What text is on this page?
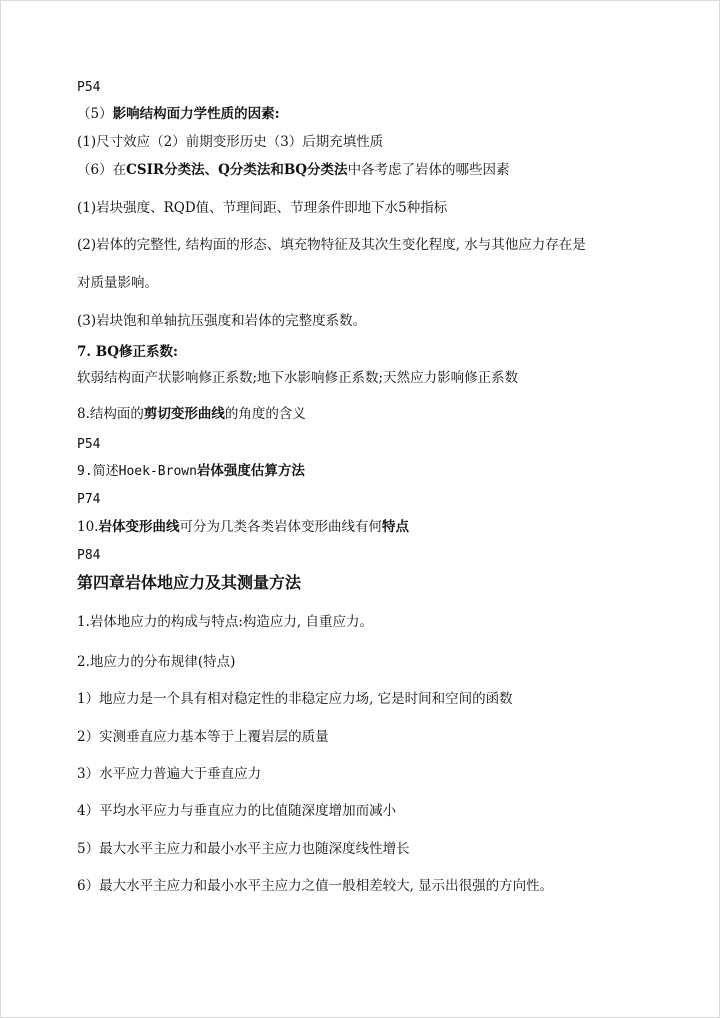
P54
（5）影响结构面力学性质的因素:
(1)尺寸效应（2）前期变形历史（3）后期充填性质
（6）在CSIR分类法、Q分类法和BQ分类法中各考虑了岩体的哪些因素
(1)岩块强度、RQD值、节理间距、节理条件即地下水5种指标
(2)岩体的完整性, 结构面的形态、填充物特征及其次生变化程度, 水与其他应力存在是
对质量影响。
(3)岩块饱和单轴抗压强度和岩体的完整度系数。
7. BQ修正系数:
软弱结构面产状影响修正系数;地下水影响修正系数;天然应力影响修正系数
8.结构面的剪切变形曲线的角度的含义
P54
9.简述Hoek-Brown岩体强度估算方法
P74
10.岩体变形曲线可分为几类各类岩体变形曲线有何特点
P84
第四章岩体地应力及其测量方法
1.岩体地应力的构成与特点:构造应力, 自重应力。
2.地应力的分布规律(特点)
1）地应力是一个具有相对稳定性的非稳定应力场, 它是时间和空间的函数
2）实测垂直应力基本等于上覆岩层的质量
3）水平应力普遍大于垂直应力
4）平均水平应力与垂直应力的比值随深度增加而减小
5）最大水平主应力和最小水平主应力也随深度线性增长
6）最大水平主应力和最小水平主应力之值一般相差较大, 显示出很强的方向性。
